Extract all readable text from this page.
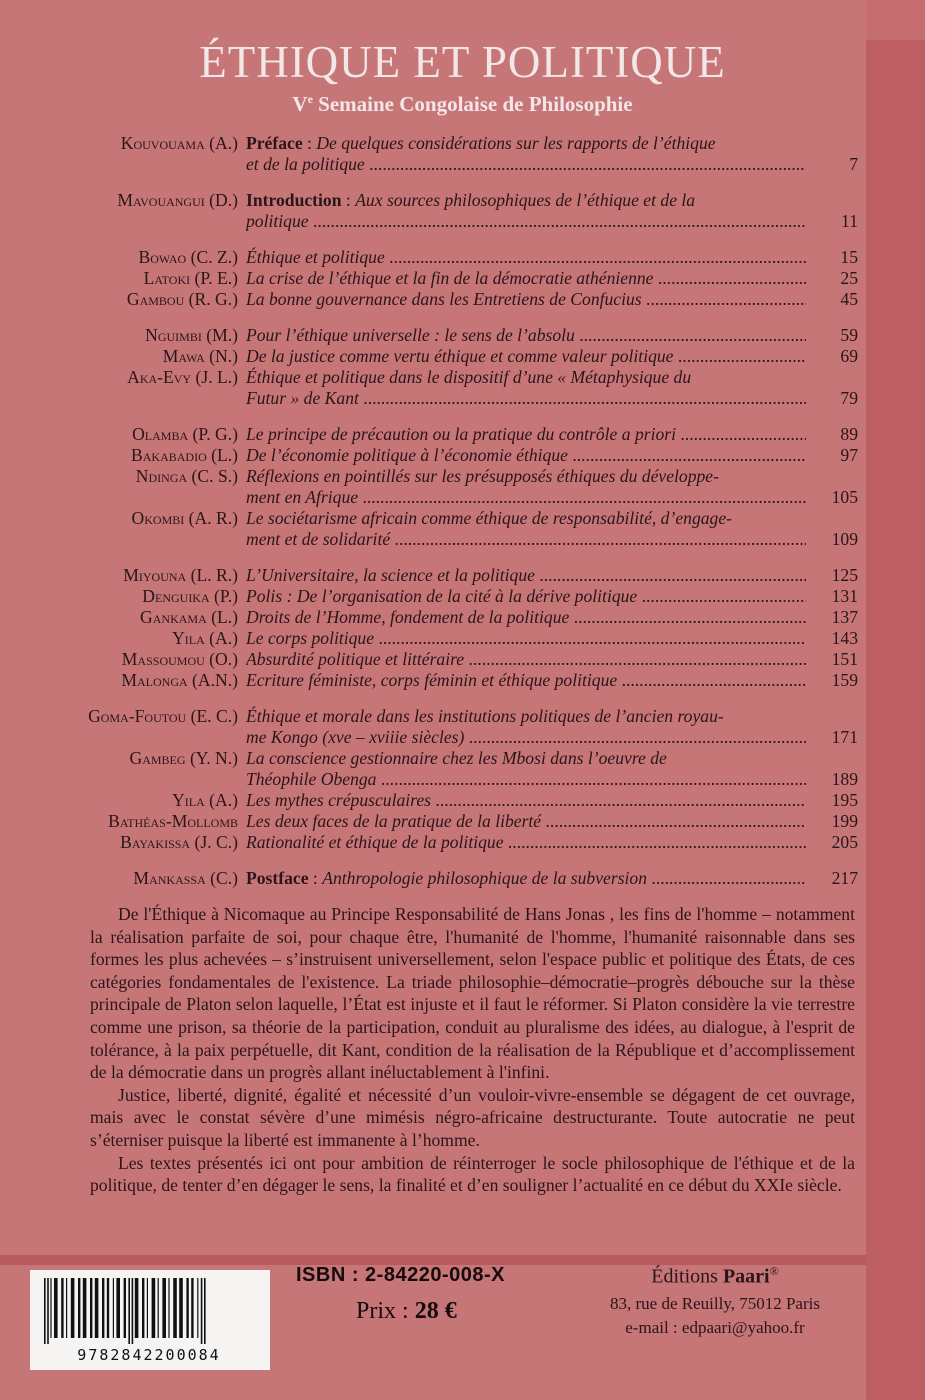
ÉTHIQUE ET POLITIQUE
Ve Semaine Congolaise de Philosophie
Kouvouama (A.) Préface : De quelques considérations sur les rapports de l’éthique
et de la politique .....	7
Mavouangui (D.) Introduction : Aux sources philosophiques de l’éthique et de la
politique .....	11
Bowao (C. Z.) Éthique et politique .....	15
Latoki (P. E.) La crise de l’éthique et la fin de la démocratie athénienne .....	25
Gambou (R. G.) La bonne gouvernance dans les Entretiens de Confucius .....	45
Nguimbi (M.) Pour l’éthique universelle : le sens de l’absolu .....	59
Mawa (N.) De la justice comme vertu éthique et comme valeur politique .....	69
Aka-Evy (J. L.) Éthique et politique dans le dispositif d’une « Métaphysique du
Futur » de Kant .....	79
Olamba (P. G.) Le principe de précaution ou la pratique du contrôle a priori .....	89
Bakabadio (L.) De l’économie politique à l’économie éthique .....	97
Ndinga (C. S.) Réflexions en pointillés sur les présupposés éthiques du développe-
ment en Afrique .....	105
Okombi (A. R.) Le sociétarisme africain comme éthique de responsabilité, d’engage-
ment et de solidarité .....	109
Miyouna (L. R.) L’Universitaire, la science et la politique .....	125
Denguika (P.) Polis : De l’organisation de la cité à la dérive politique .....	131
Gankama (L.) Droits de l’Homme, fondement de la politique .....	137
Yila (A.) Le corps politique .....	143
Massoumou (O.) Absurdité politique et littéraire .....	151
Malonga (A.N.) Ecriture féministe, corps féminin et éthique politique .....	159
Goma-Foutou (E. C.) Éthique et morale dans les institutions politiques de l’ancien royau-
me Kongo (xve – xviiie siècles) .....	171
Gambeg (Y. N.) La conscience gestionnaire chez les Mbosi dans l’oeuvre de
Théophile Obenga .....	189
Yila (A.) Les mythes crépusculaires .....	195
Bathéas-Mollomb Les deux faces de la pratique de la liberté .....	199
Bayakissa (J. C.) Rationalité et éthique de la politique .....	205
Mankassa (C.) Postface : Anthropologie philosophique de la subversion .....	217

De l'Éthique à Nicomaque au Principe Responsabilité de Hans Jonas , les fins de l'homme – notamment la réalisation parfaite de soi, pour chaque être, l'humanité de l'homme, l'humanité raisonnable dans ses formes les plus achevées – s’instruisent universellement, selon l'espace public et politique des États, de ces catégories fondamentales de l'existence. La triade philosophie–démocratie–progrès débouche sur la thèse principale de Platon selon laquelle, l’État est injuste et il faut le réformer. Si Platon considère la vie terrestre comme une prison, sa théorie de la participation, conduit au pluralisme des idées, au dialogue, à l'esprit de tolérance, à la paix perpétuelle, dit Kant, condition de la réalisation de la République et d’accomplissement de la démocratie dans un progrès allant inéluctablement à l'infini.

Justice, liberté, dignité, égalité et nécessité d’un vouloir-vivre-ensemble se dégagent de cet ouvrage, mais avec le constat sévère d’une mimésis négro-africaine destructurante. Toute autocratie ne peut s’éterniser puisque la liberté est immanente à l’homme.

Les textes présentés ici ont pour ambition de réinterroger le socle philosophique de l'éthique et de la politique, de tenter d’en dégager le sens, la finalité et d’en souligner l’actualité en ce début du XXIe siècle.

9782842200084
ISBN : 2-84220-008-X
Prix : 28 €
Éditions Paari®
83, rue de Reuilly, 75012 Paris
e-mail : edpaari@yahoo.fr
